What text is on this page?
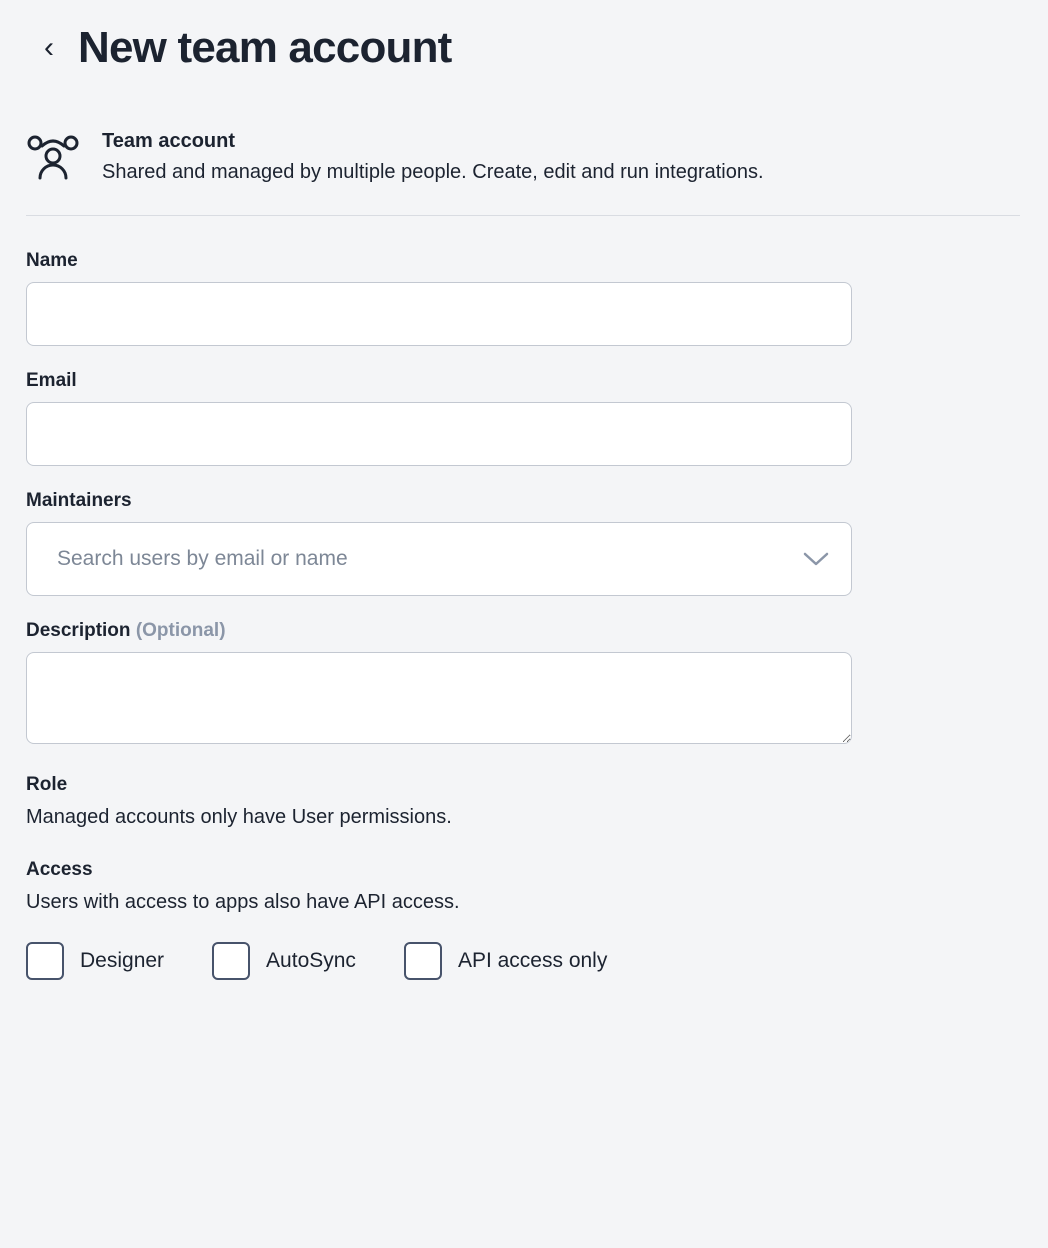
‹ New team account
Team account
Shared and managed by multiple people. Create, edit and run integrations.
Name
Email
Maintainers
Search users by email or name
Description (Optional)
Role
Managed accounts only have User permissions.
Access
Users with access to apps also have API access.
Designer	AutoSync	API access only
